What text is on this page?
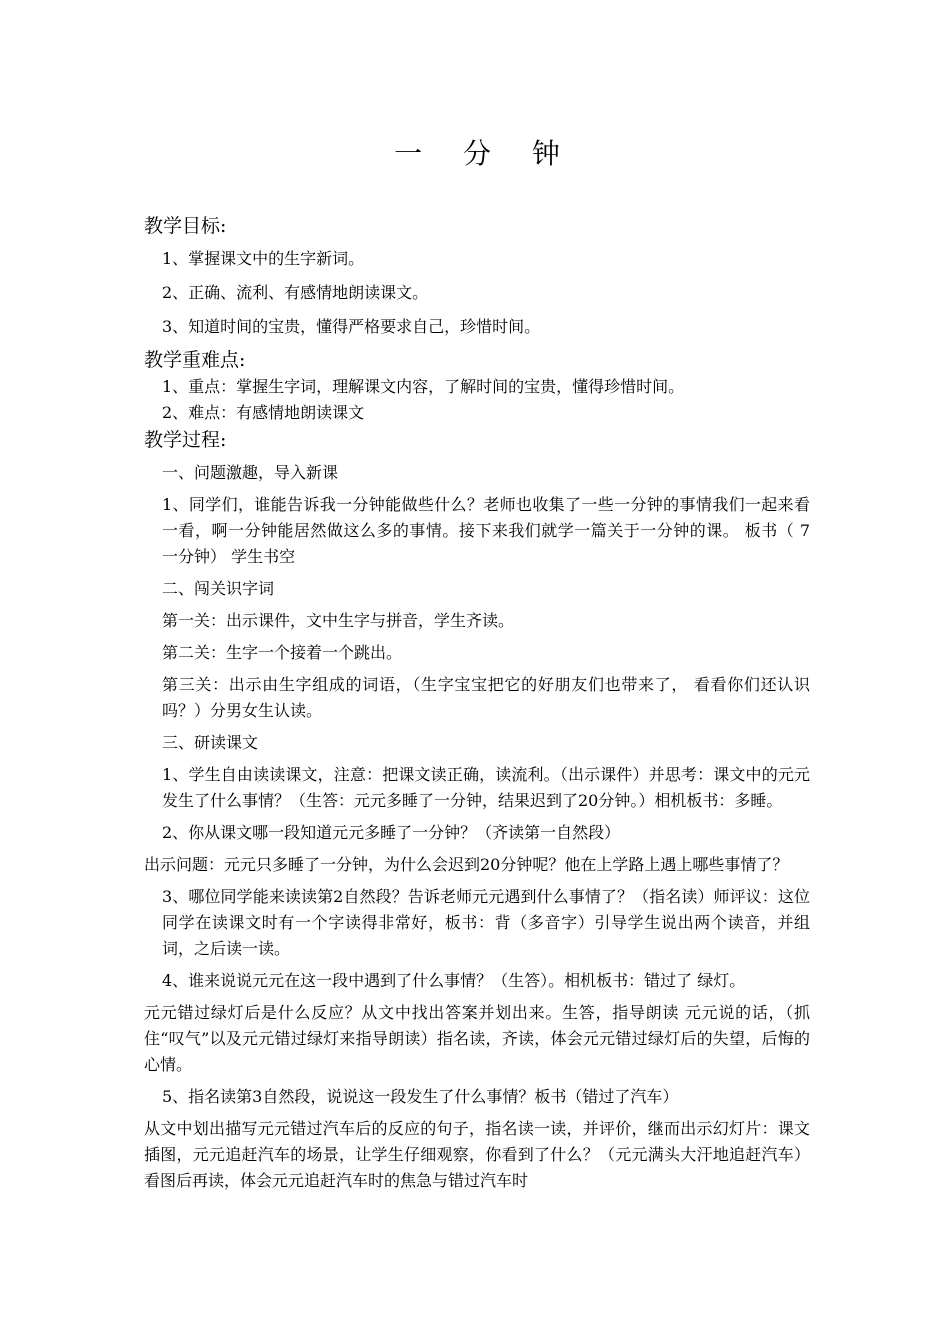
一 分 钟
教学目标:
1、掌握课文中的生字新词。
2、正确、流利、有感情地朗读课文。
3、知道时间的宝贵，懂得严格要求自己，珍惜时间。
教学重难点:
1、重点：掌握生字词，理解课文内容，了解时间的宝贵，懂得珍惜时间。
2、难点：有感情地朗读课文
教学过程:
一、问题激趣，导入新课
1、同学们，谁能告诉我一分钟能做些什么？老师也收集了一些一分钟的事情我们一起来看一看，啊一分钟能居然做这么多的事情。接下来我们就学一篇关于一分钟的课。 板书（ 7 一分钟） 学生书空
二、闯关识字词
第一关：出示课件，文中生字与拼音，学生齐读。
第二关：生字一个接着一个跳出。
第三关：出示由生字组成的词语，（生字宝宝把它的好朋友们也带来了， 看看你们还认识吗？）分男女生认读。
三、研读课文
1、学生自由读读课文，注意：把课文读正确，读流利。（出示课件）并思考：课文中的元元发生了什么事情？（生答：元元多睡了一分钟，结果迟到了20分钟。）相机板书：多睡。
2、你从课文哪一段知道元元多睡了一分钟？（齐读第一自然段）
出示问题：元元只多睡了一分钟，为什么会迟到20分钟呢？他在上学路上遇上哪些事情了？
3、哪位同学能来读读第2自然段？告诉老师元元遇到什么事情了？（指名读）师评议：这位同学在读课文时有一个字读得非常好，板书：背（多音字）引导学生说出两个读音，并组词，之后读一读。
4、谁来说说元元在这一段中遇到了什么事情？（生答）。相机板书：错过了 绿灯。
元元错过绿灯后是什么反应？从文中找出答案并划出来。生答，指导朗读 元元说的话，（抓住“叹气”以及元元错过绿灯来指导朗读）指名读，齐读，体会元元错过绿灯后的失望，后悔的心情。
5、指名读第3自然段，说说这一段发生了什么事情？板书（错过了汽车）
从文中划出描写元元错过汽车后的反应的句子，指名读一读，并评价，继而出示幻灯片：课文插图，元元追赶汽车的场景，让学生仔细观察，你看到了什么？（元元满头大汗地追赶汽车）看图后再读，体会元元追赶汽车时的焦急与错过汽车时
